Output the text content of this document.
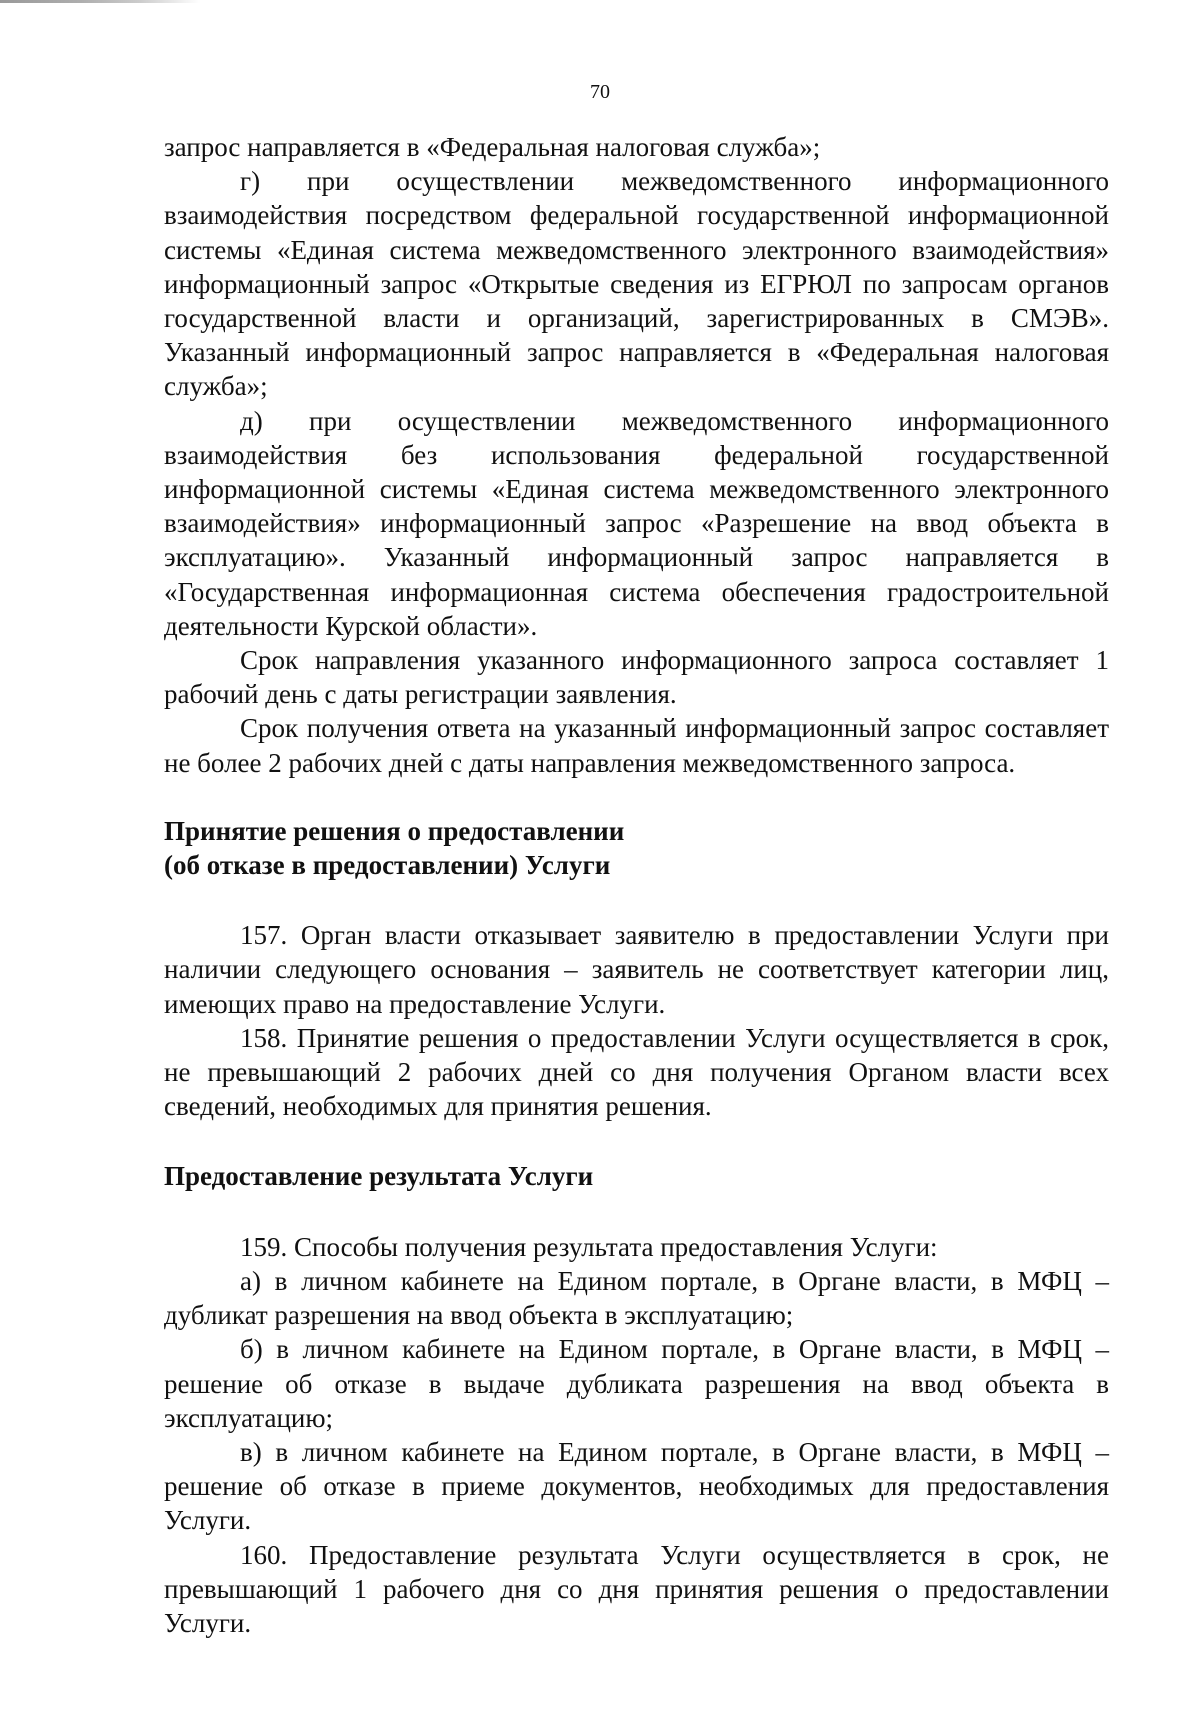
70

запрос направляется в «Федеральная налоговая служба»;

г) при осуществлении межведомственного информационного взаимодействия посредством федеральной государственной информационной системы «Единая система межведомственного электронного взаимодействия» информационный запрос «Открытые сведения из ЕГРЮЛ по запросам органов государственной власти и организаций, зарегистрированных в СМЭВ». Указанный информационный запрос направляется в «Федеральная налоговая служба»;

д) при осуществлении межведомственного информационного взаимодействия без использования федеральной государственной информационной системы «Единая система межведомственного электронного взаимодействия» информационный запрос «Разрешение на ввод объекта в эксплуатацию». Указанный информационный запрос направляется в «Государственная информационная система обеспечения градостроительной деятельности Курской области».

Срок направления указанного информационного запроса составляет 1 рабочий день с даты регистрации заявления.

Срок получения ответа на указанный информационный запрос составляет не более 2 рабочих дней с даты направления межведомственного запроса.

Принятие решения о предоставлении

(об отказе в предоставлении) Услуги

157. Орган власти отказывает заявителю в предоставлении Услуги при наличии следующего основания – заявитель не соответствует категории лиц, имеющих право на предоставление Услуги.

158. Принятие решения о предоставлении Услуги осуществляется в срок, не превышающий 2 рабочих дней со дня получения Органом власти всех сведений, необходимых для принятия решения.

Предоставление результата Услуги

159. Способы получения результата предоставления Услуги:

а) в личном кабинете на Едином портале, в Органе власти, в МФЦ – дубликат разрешения на ввод объекта в эксплуатацию;

б) в личном кабинете на Едином портале, в Органе власти, в МФЦ – решение об отказе в выдаче дубликата разрешения на ввод объекта в эксплуатацию;

в) в личном кабинете на Едином портале, в Органе власти, в МФЦ – решение об отказе в приеме документов, необходимых для предоставления Услуги.

160. Предоставление результата Услуги осуществляется в срок, не превышающий 1 рабочего дня со дня принятия решения о предоставлении Услуги.
